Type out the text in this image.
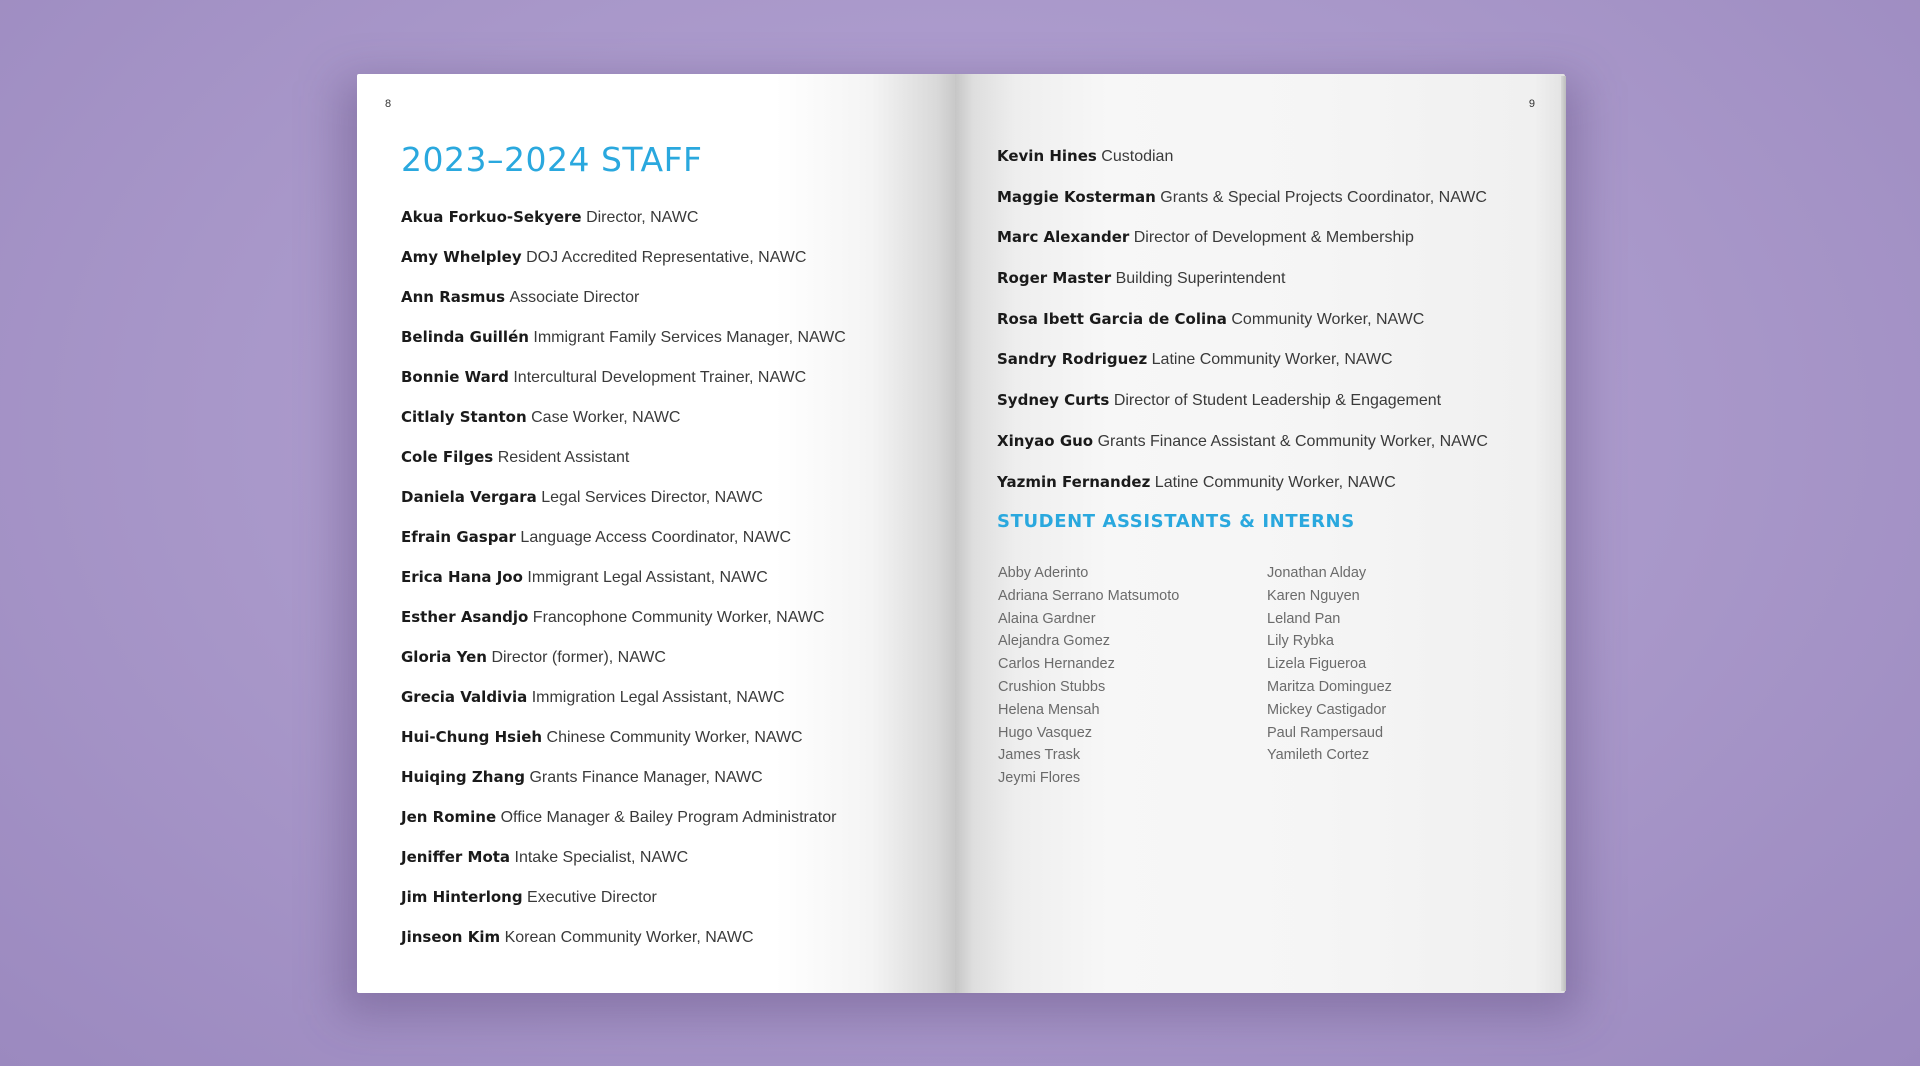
8
2023–2024 STAFF
Akua Forkuo-Sekyere Director, NAWC
Amy Whelpley DOJ Accredited Representative, NAWC
Ann Rasmus Associate Director
Belinda Guillén Immigrant Family Services Manager, NAWC
Bonnie Ward Intercultural Development Trainer, NAWC
Citlaly Stanton Case Worker, NAWC
Cole Filges Resident Assistant
Daniela Vergara Legal Services Director, NAWC
Efrain Gaspar Language Access Coordinator, NAWC
Erica Hana Joo Immigrant Legal Assistant, NAWC
Esther Asandjo Francophone Community Worker, NAWC
Gloria Yen Director (former), NAWC
Grecia Valdivia Immigration Legal Assistant, NAWC
Hui-Chung Hsieh Chinese Community Worker, NAWC
Huiqing Zhang Grants Finance Manager, NAWC
Jen Romine Office Manager & Bailey Program Administrator
Jeniffer Mota Intake Specialist, NAWC
Jim Hinterlong Executive Director
Jinseon Kim Korean Community Worker, NAWC
9
Kevin Hines Custodian
Maggie Kosterman Grants & Special Projects Coordinator, NAWC
Marc Alexander Director of Development & Membership
Roger Master Building Superintendent
Rosa Ibett Garcia de Colina Community Worker, NAWC
Sandry Rodriguez Latine Community Worker, NAWC
Sydney Curts Director of Student Leadership & Engagement
Xinyao Guo Grants Finance Assistant & Community Worker, NAWC
Yazmin Fernandez Latine Community Worker, NAWC
STUDENT ASSISTANTS & INTERNS
Abby Aderinto
Adriana Serrano Matsumoto
Alaina Gardner
Alejandra Gomez
Carlos Hernandez
Crushion Stubbs
Helena Mensah
Hugo Vasquez
James Trask
Jeymi Flores
Jonathan Alday
Karen Nguyen
Leland Pan
Lily Rybka
Lizela Figueroa
Maritza Dominguez
Mickey Castigador
Paul Rampersaud
Yamileth Cortez
